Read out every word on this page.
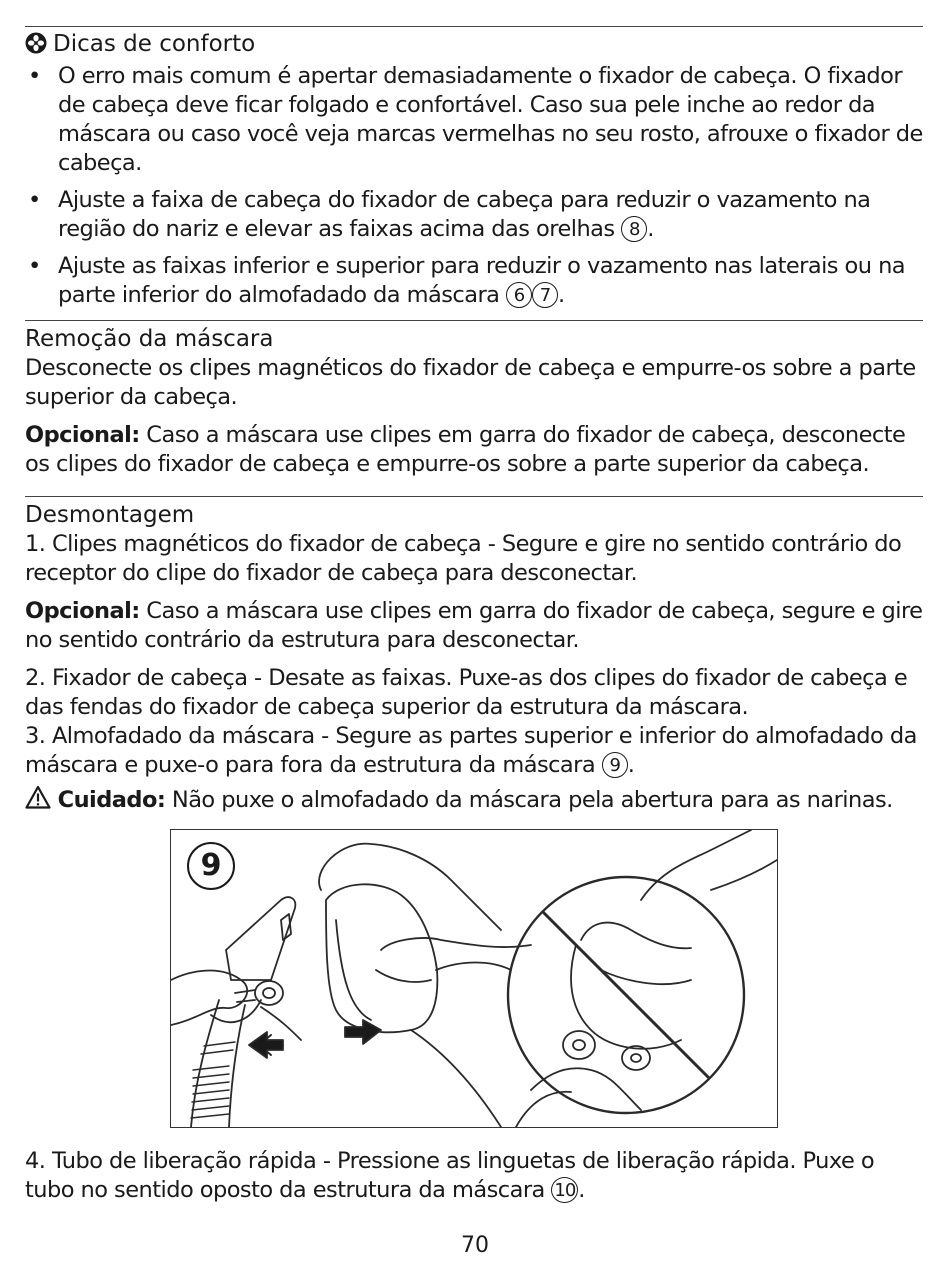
Dicas de conforto
• O erro mais comum é apertar demasiadamente o fixador de cabeça. O fixador de cabeça deve ficar folgado e confortável. Caso sua pele inche ao redor da máscara ou caso você veja marcas vermelhas no seu rosto, afrouxe o fixador de cabeça.
• Ajuste a faixa de cabeça do fixador de cabeça para reduzir o vazamento na região do nariz e elevar as faixas acima das orelhas 8 .
• Ajuste as faixas inferior e superior para reduzir o vazamento nas laterais ou na parte inferior do almofadado da máscara 6 7 .
Remoção da máscara

Desconecte os clipes magnéticos do fixador de cabeça e empurre-os sobre a parte superior da cabeça.

Opcional: Caso a máscara use clipes em garra do fixador de cabeça, desconecte os clipes do fixador de cabeça e empurre-os sobre a parte superior da cabeça.

Desmontagem

1. Clipes magnéticos do fixador de cabeça - Segure e gire no sentido contrário do receptor do clipe do fixador de cabeça para desconectar.

Opcional: Caso a máscara use clipes em garra do fixador de cabeça, segure e gire no sentido contrário da estrutura para desconectar.

2. Fixador de cabeça - Desate as faixas. Puxe-as dos clipes do fixador de cabeça e das fendas do fixador de cabeça superior da estrutura da máscara.

3. Almofadado da máscara - Segure as partes superior e inferior do almofadado da máscara e puxe-o para fora da estrutura da máscara 9 .

Cuidado: Não puxe o almofadado da máscara pela abertura para as narinas.

9

4. Tubo de liberação rápida - Pressione as linguetas de liberação rápida. Puxe o tubo no sentido oposto da estrutura da máscara 10 .

70
